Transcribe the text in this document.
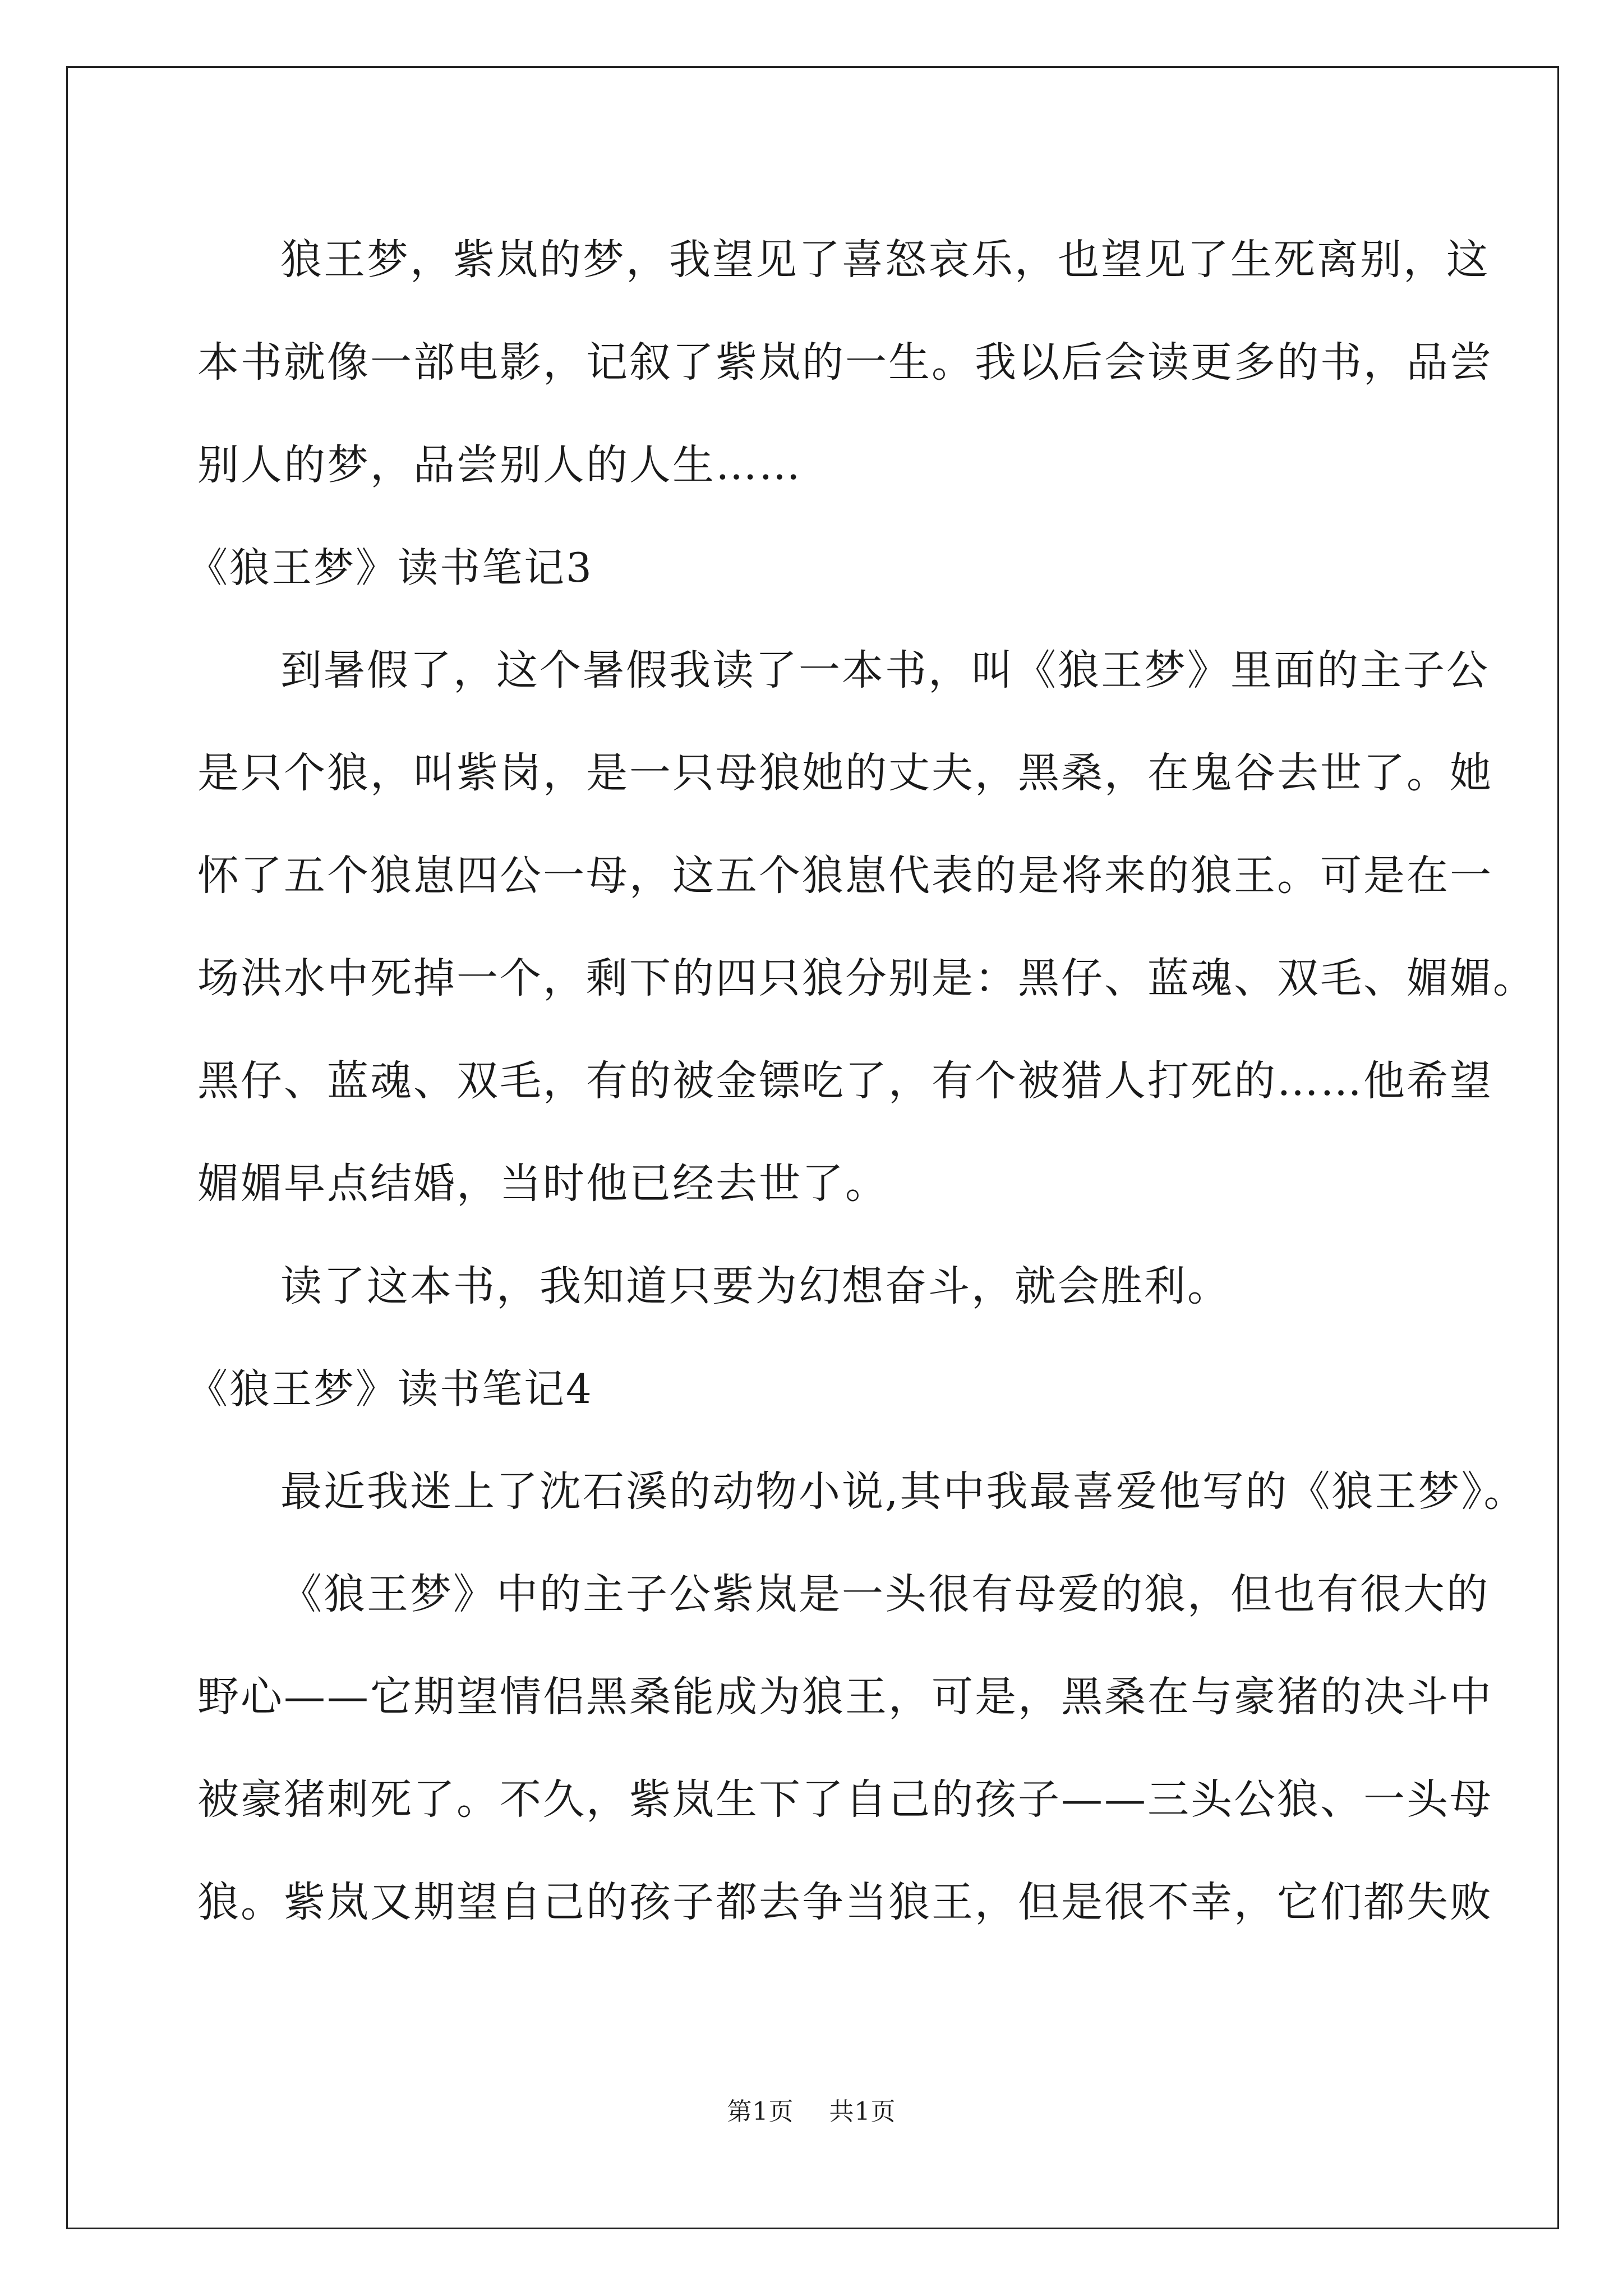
狼王梦，紫岚的梦，我望见了喜怒哀乐，也望见了生死离别，这
本书就像一部电影，记叙了紫岚的一生。我以后会读更多的书，品尝
别人的梦，品尝别人的人生……
《狼王梦》读书笔记3
到暑假了，这个暑假我读了一本书，叫《狼王梦》里面的主子公
是只个狼，叫紫岗，是一只母狼她的丈夫，黑桑，在鬼谷去世了。她
怀了五个狼崽四公一母，这五个狼崽代表的是将来的狼王。可是在一
场洪水中死掉一个，剩下的四只狼分别是：黑仔、蓝魂、双毛、媚媚。
黑仔、蓝魂、双毛，有的被金镖吃了，有个被猎人打死的……他希望
媚媚早点结婚，当时他已经去世了。
读了这本书，我知道只要为幻想奋斗，就会胜利。
《狼王梦》读书笔记4
最近我迷上了沈石溪的动物小说,其中我最喜爱他写的《狼王梦》。
《狼王梦》中的主子公紫岚是一头很有母爱的狼，但也有很大的
野心——它期望情侣黑桑能成为狼王，可是，黑桑在与豪猪的决斗中
被豪猪刺死了。不久，紫岚生下了自己的孩子——三头公狼、一头母
狼。紫岚又期望自己的孩子都去争当狼王，但是很不幸，它们都失败
第1页 共1页
